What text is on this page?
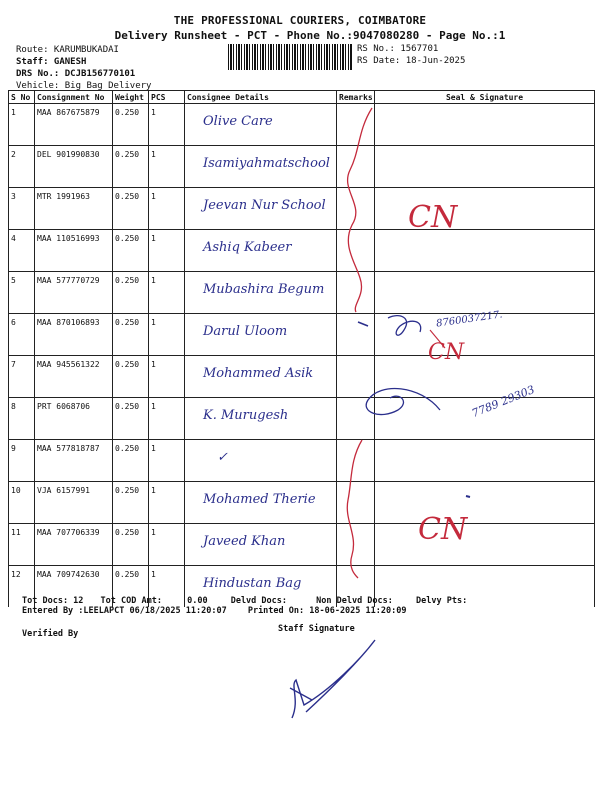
THE PROFESSIONAL COURIERS, COIMBATORE
Delivery Runsheet - PCT - Phone No.:9047080280 - Page No.:1
Route: KARUMBUKADAI
Staff: GANESH
DRS No.: DCJB156770101
Vehicle: Big Bag Delivery
RS No.: 1567701
RS Date: 18-Jun-2025
S No	Consignment No	Weight	PCS	Consignee Details	Remarks	Seal & Signature
1	MAA 867675879	0.250	1	Olive Care		

2	DEL 901990830	0.250	1	Isamiyahmatschool		

3	MTR 1991963	0.250	1	Jeevan Nur School		

4	MAA 110516993	0.250	1	Ashiq Kabeer		

5	MAA 577770729	0.250	1	Mubashira Begum		

6	MAA 870106893	0.250	1	Darul Uloom		

7	MAA 945561322	0.250	1	Mohammed Asik		

8	PRT 6068706	0.250	1	K. Murugesh		

9	MAA 577818787	0.250	1	✓		

10	VJA 6157991	0.250	1	Mohamed Therie		

11	MAA 707706339	0.250	1	Javeed Khan		

12	MAA 709742630	0.250	1	Hindustan Bag		

CN
CN
CN
8760037217.
7789 29303
Tot Docs: 12 Tot COD Amt:	0.00	Delvd Docs:	Non Delvd Docs:	Delvy Pts:
Entered By :LEELAPCT 06/18/2025 11:20:07 Printed On: 18-06-2025 11:20:09
Staff Signature
Verified By
